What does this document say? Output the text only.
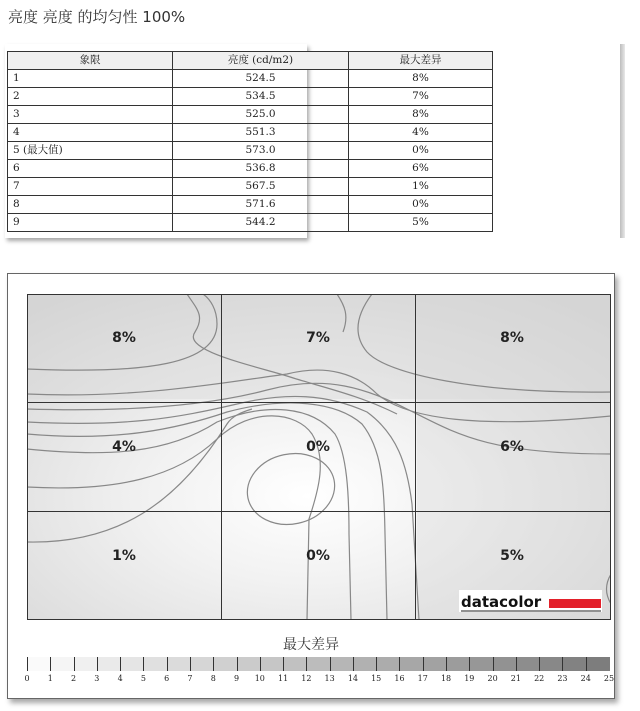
亮度 亮度 的均匀性 100%
象限	亮度 (cd/m2)	最大差异
1	524.5	8%
2	534.5	7%
3	525.0	8%
4	551.3	4%
5 (最大值)	573.0	0%
6	536.8	6%
7	567.5	1%
8	571.6	0%
9	544.2	5%
8%	7%	8%
4%	0%	6%
1%	0%	5%
datacolor
最大差异
0 1 2 3 4 5 6 7 8 9 10 11 12 13 14 15 16 17 18 19 20 21 22 23 24 25
